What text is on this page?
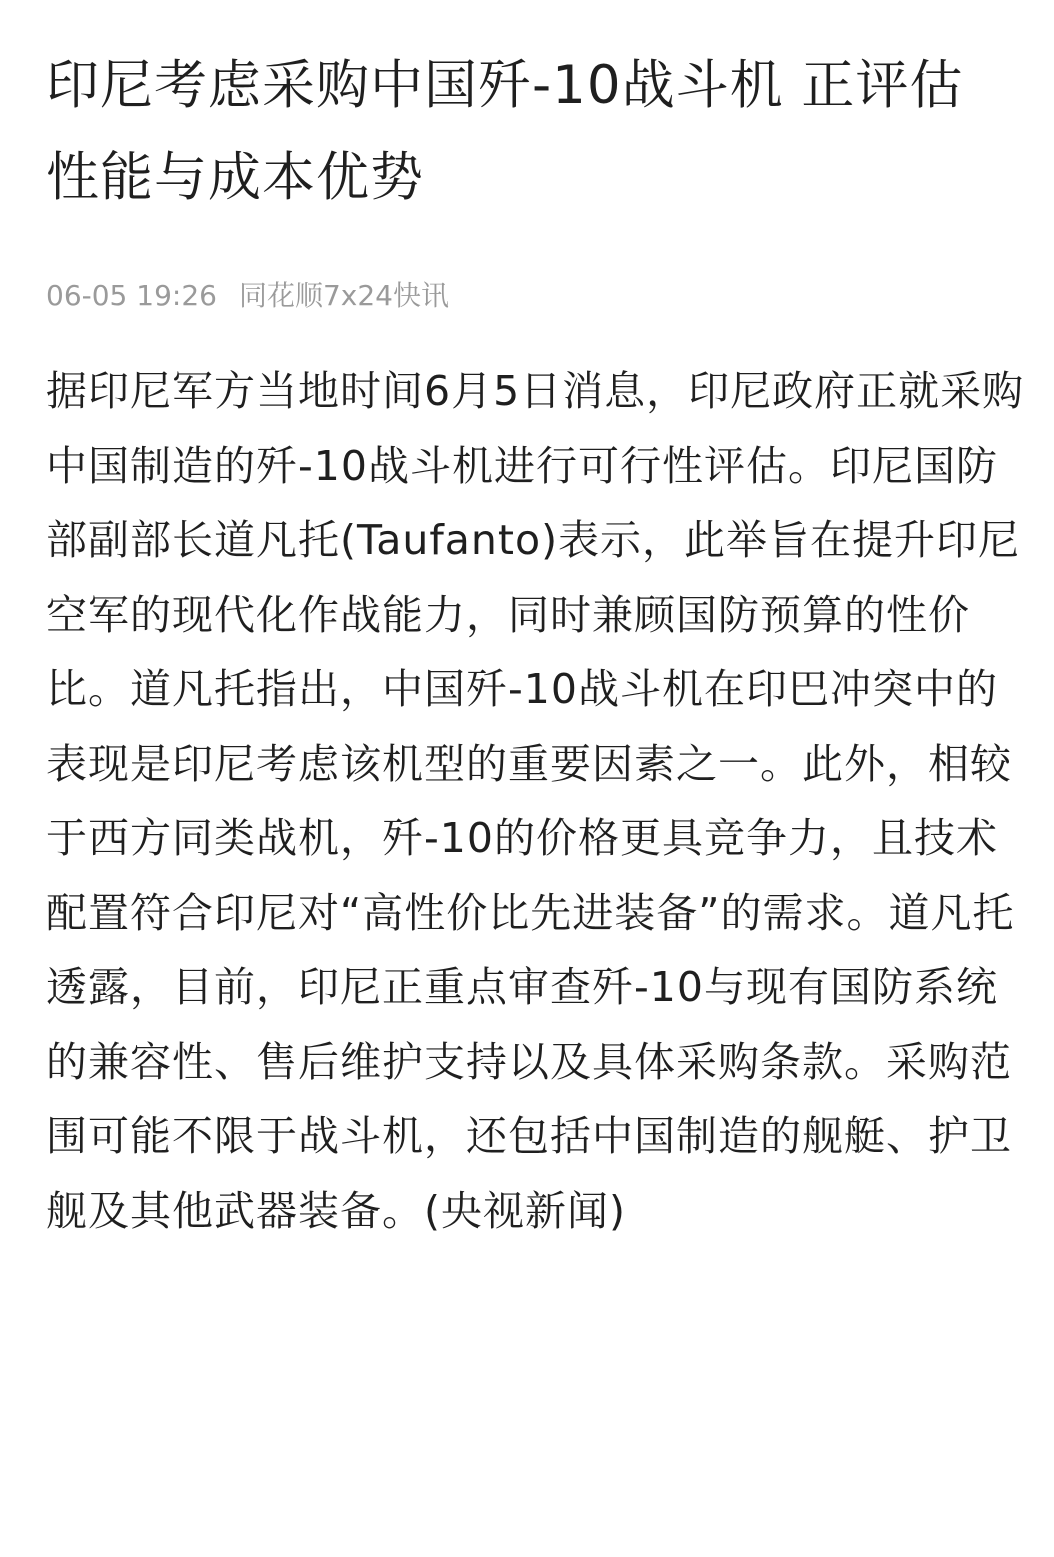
印尼考虑采购中国歼-10战斗机 正评估性能与成本优势
06-05 19:26 同花顺7x24快讯

据印尼军方当地时间6月5日消息，印尼政府正就采购中国制造的歼-10战斗机进行可行性评估。印尼国防部副部长道凡托(Taufanto)表示，此举旨在提升印尼空军的现代化作战能力，同时兼顾国防预算的性价比。道凡托指出，中国歼-10战斗机在印巴冲突中的表现是印尼考虑该机型的重要因素之一。此外，相较于西方同类战机，歼-10的价格更具竞争力，且技术配置符合印尼对“高性价比先进装备”的需求。道凡托透露，目前，印尼正重点审查歼-10与现有国防系统的兼容性、售后维护支持以及具体采购条款。采购范围可能不限于战斗机，还包括中国制造的舰艇、护卫舰及其他武器装备。(央视新闻)
